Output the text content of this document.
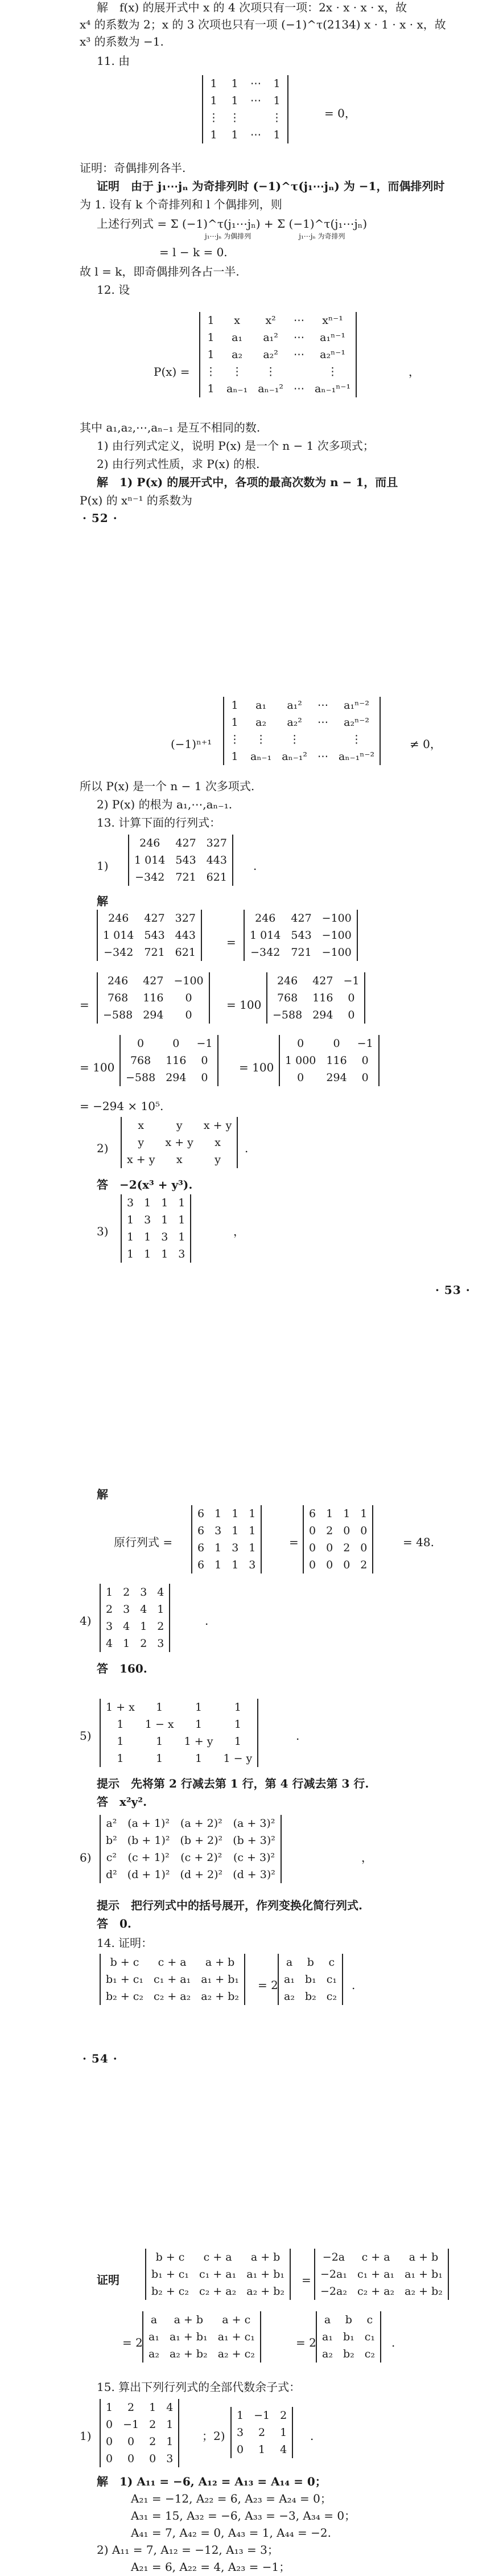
解　f(x) 的展开式中 x 的 4 次项只有一项：2x · x · x · x，故
x⁴ 的系数为 2；x 的 3 次项也只有一项 (−1)^τ(2134) x · 1 · x · x，故
x³ 的系数为 −1.
11. 由
1	1	⋯	1
1	1	⋯	1
⋮	⋮		⋮
1	1	⋯	1
= 0，
证明：奇偶排列各半.
证明　由于 j₁⋯jₙ 为奇排列时 (−1)^τ(j₁⋯jₙ) 为 −1，而偶排列时
为 1. 设有 k 个奇排列和 l 个偶排列，则
上述行列式 = Σ (−1)^τ(j₁⋯jₙ) + Σ (−1)^τ(j₁⋯jₙ)
j₁⋯jₙ 为偶排列　　　　　　　j₁⋯jₙ 为奇排列
= l − k = 0.
故 l = k，即奇偶排列各占一半.
12. 设
P(x) =
1	x	x²	⋯	xⁿ⁻¹
1	a₁	a₁²	⋯	a₁ⁿ⁻¹
1	a₂	a₂²	⋯	a₂ⁿ⁻¹
⋮	⋮	⋮		⋮
1	aₙ₋₁	aₙ₋₁²	⋯	aₙ₋₁ⁿ⁻¹
，
其中 a₁,a₂,⋯,aₙ₋₁ 是互不相同的数.
1) 由行列式定义，说明 P(x) 是一个 n − 1 次多项式；
2) 由行列式性质，求 P(x) 的根.
解　1) P(x) 的展开式中，各项的最高次数为 n − 1，而且
P(x) 的 xⁿ⁻¹ 的系数为
· 52 ·
(−1)ⁿ⁺¹
1	a₁	a₁²	⋯	a₁ⁿ⁻²
1	a₂	a₂²	⋯	a₂ⁿ⁻²
⋮	⋮	⋮		⋮
1	aₙ₋₁	aₙ₋₁²	⋯	aₙ₋₁ⁿ⁻²
≠ 0，
所以 P(x) 是一个 n − 1 次多项式.
2) P(x) 的根为 a₁,⋯,aₙ₋₁.
13. 计算下面的行列式：
1)
246	427	327
1 014	543	443
−342	721	621
.
解
246	427	327
1 014	543	443
−342	721	621
=
246	427	−100
1 014	543	−100
−342	721	−100
=
246	427	−100
768	116	0
−588	294	0
= 100
246	427	−1
768	116	0
−588	294	0
= 100
0	0	−1
768	116	0
−588	294	0
= 100
0	0	−1
1 000	116	0
0	294	0
= −294 × 10⁵.
2)
x	y	x + y
y	x + y	x
x + y	x	y
.
答　−2(x³ + y³).
3)
3	1	1	1
1	3	1	1
1	1	3	1
1	1	1	3
，
· 53 ·
解
原行列式 =
6	1	1	1
6	3	1	1
6	1	3	1
6	1	1	3
=
6	1	1	1
0	2	0	0
0	0	2	0
0	0	0	2
= 48.
4)
1	2	3	4
2	3	4	1
3	4	1	2
4	1	2	3
.
答　160.
5)
1 + x	1	1	1
1	1 − x	1	1
1	1	1 + y	1
1	1	1	1 − y
.
提示　先将第 2 行减去第 1 行，第 4 行减去第 3 行.
答　x²y².
6)
a²	(a + 1)²	(a + 2)²	(a + 3)²
b²	(b + 1)²	(b + 2)²	(b + 3)²
c²	(c + 1)²	(c + 2)²	(c + 3)²
d²	(d + 1)²	(d + 2)²	(d + 3)²
，
提示　把行列式中的括号展开，作列变换化简行列式.
答　0.
14. 证明：
b + c	c + a	a + b
b₁ + c₁	c₁ + a₁	a₁ + b₁
b₂ + c₂	c₂ + a₂	a₂ + b₂
= 2
a	b	c
a₁	b₁	c₁
a₂	b₂	c₂
.
· 54 ·
证明
b + c	c + a	a + b
b₁ + c₁	c₁ + a₁	a₁ + b₁
b₂ + c₂	c₂ + a₂	a₂ + b₂
=
−2a	c + a	a + b
−2a₁	c₁ + a₁	a₁ + b₁
−2a₂	c₂ + a₂	a₂ + b₂
= 2
a	a + b	a + c
a₁	a₁ + b₁	a₁ + c₁
a₂	a₂ + b₂	a₂ + c₂
= 2
a	b	c
a₁	b₁	c₁
a₂	b₂	c₂
.
15. 算出下列行列式的全部代数余子式：
1)
1	2	1	4
0	−1	2	1
0	0	2	1
0	0	0	3
；2)
1	−1	2
3	2	1
0	1	4
.
解　1) A₁₁ = −6, A₁₂ = A₁₃ = A₁₄ = 0；
A₂₁ = −12, A₂₂ = 6, A₂₃ = A₂₄ = 0；
A₃₁ = 15, A₃₂ = −6, A₃₃ = −3, A₃₄ = 0；
A₄₁ = 7, A₄₂ = 0, A₄₃ = 1, A₄₄ = −2.
2) A₁₁ = 7, A₁₂ = −12, A₁₃ = 3；
A₂₁ = 6, A₂₂ = 4, A₂₃ = −1；
